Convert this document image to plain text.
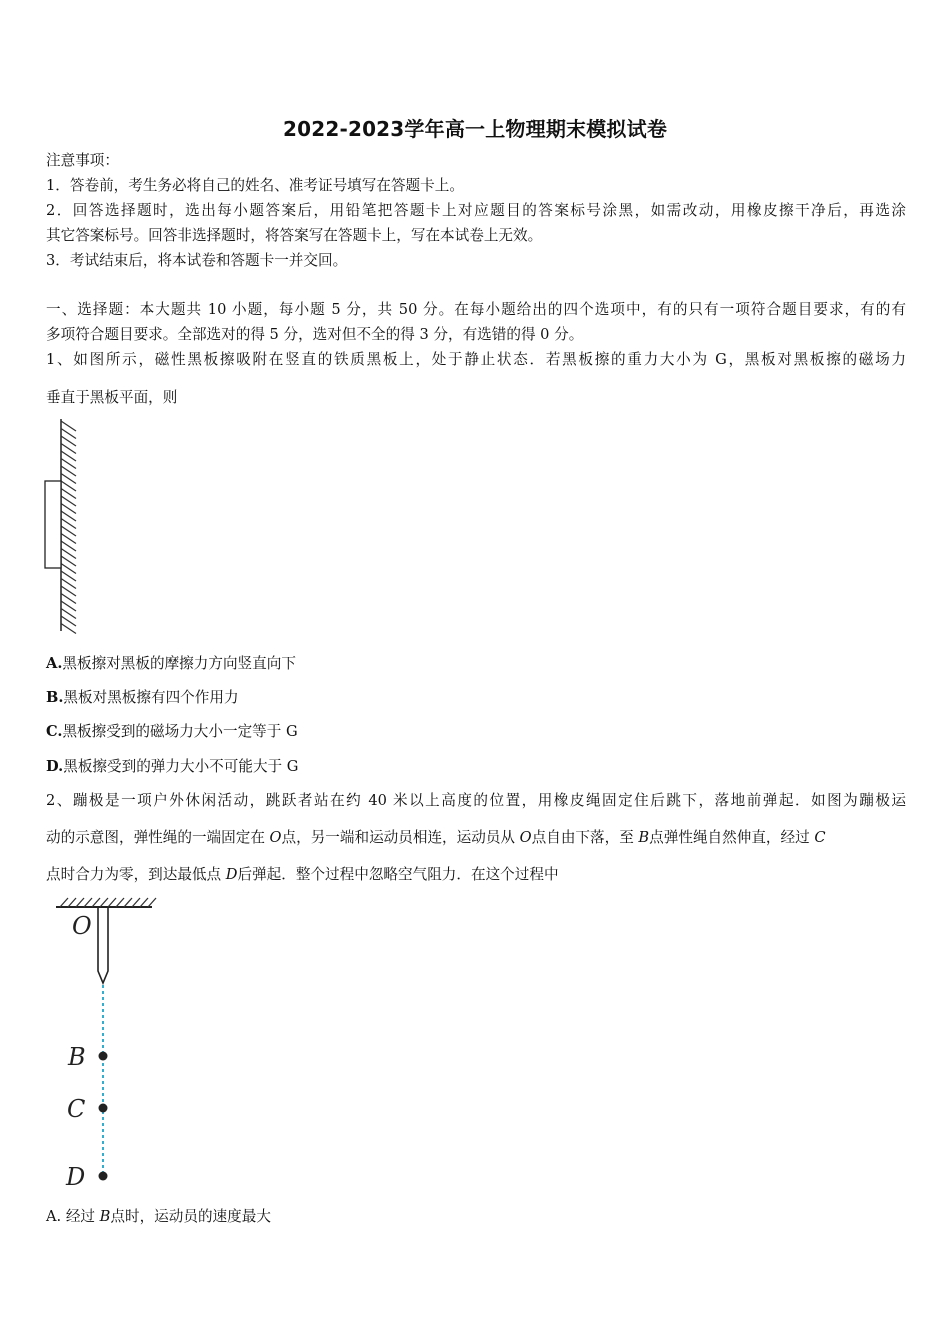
2022-2023学年高一上物理期末模拟试卷
注意事项：
1．答卷前，考生务必将自己的姓名、准考证号填写在答题卡上。
2．回答选择题时，选出每小题答案后，用铅笔把答题卡上对应题目的答案标号涂黑，如需改动，用橡皮擦干净后，再选涂
其它答案标号。回答非选择题时，将答案写在答题卡上，写在本试卷上无效。
3．考试结束后，将本试卷和答题卡一并交回。
一、选择题：本大题共 10 小题，每小题 5 分，共 50 分。在每小题给出的四个选项中，有的只有一项符合题目要求，有的有
多项符合题目要求。全部选对的得 5 分，选对但不全的得 3 分，有选错的得 0 分。
1、如图所示，磁性黑板擦吸附在竖直的铁质黑板上，处于静止状态．若黑板擦的重力大小为 G，黑板对黑板擦的磁场力
垂直于黑板平面，则
A.黑板擦对黑板的摩擦力方向竖直向下
B.黑板对黑板擦有四个作用力
C.黑板擦受到的磁场力大小一定等于 G
D.黑板擦受到的弹力大小不可能大于 G
2、蹦极是一项户外休闲活动，跳跃者站在约 40 米以上高度的位置，用橡皮绳固定住后跳下，落地前弹起．如图为蹦极运
动的示意图，弹性绳的一端固定在 O点，另一端和运动员相连，运动员从 O点自由下落，至 B点弹性绳自然伸直，经过 C
点时合力为零，到达最低点 D后弹起．整个过程中忽略空气阻力．在这个过程中
O
B
C
D
A. 经过 B点时，运动员的速度最大
